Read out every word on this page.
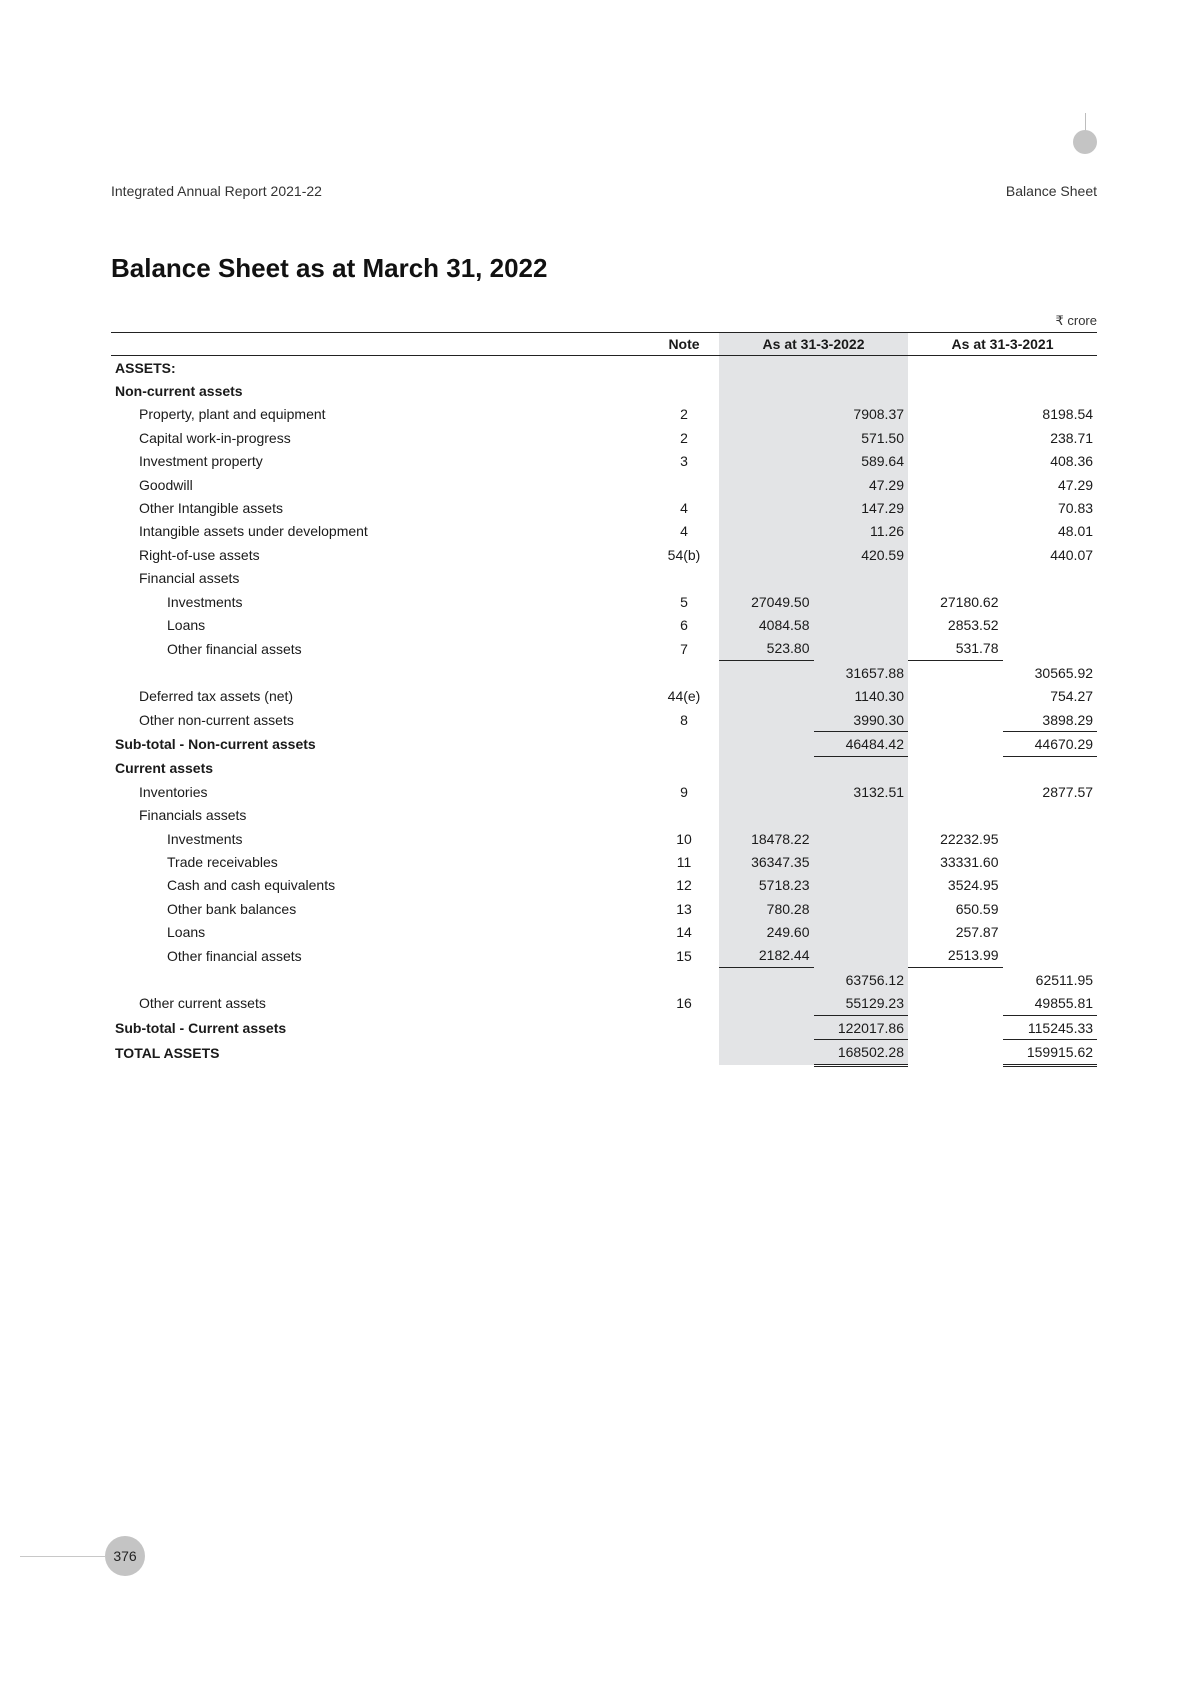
Integrated Annual Report 2021-22	Balance Sheet
Balance Sheet as at March 31, 2022
₹ crore
	Note	As at 31-3-2022		As at 31-3-2021	
ASSETS:					
Non-current assets					
Property, plant and equipment	2		7908.37		8198.54
Capital work-in-progress	2		571.50		238.71
Investment property	3		589.64		408.36
Goodwill			47.29		47.29
Other Intangible assets	4		147.29		70.83
Intangible assets under development	4		11.26		48.01
Right-of-use assets	54(b)		420.59		440.07
Financial assets					
Investments	5	27049.50		27180.62	
Loans	6	4084.58		2853.52	
Other financial assets	7	523.80		531.78	
			31657.88		30565.92
Deferred tax assets (net)	44(e)		1140.30		754.27
Other non-current assets	8		3990.30		3898.29
Sub-total - Non-current assets			46484.42		44670.29
Current assets					
Inventories	9		3132.51		2877.57
Financials assets					
Investments	10	18478.22		22232.95	
Trade receivables	11	36347.35		33331.60	
Cash and cash equivalents	12	5718.23		3524.95	
Other bank balances	13	780.28		650.59	
Loans	14	249.60		257.87	
Other financial assets	15	2182.44		2513.99	
			63756.12		62511.95
Other current assets	16		55129.23		49855.81
Sub-total - Current assets			122017.86		115245.33
TOTAL ASSETS			168502.28		159915.62
376
